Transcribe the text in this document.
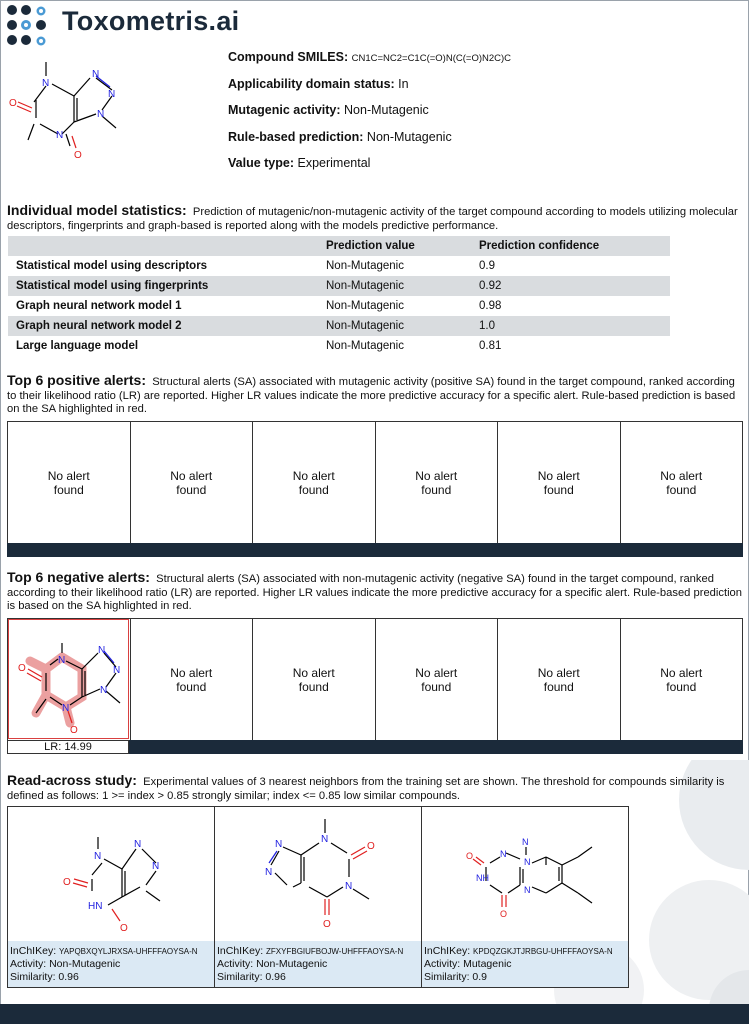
Toxometris.ai
N
N
N
N
N
O
O
Compound SMILES: CN1C=NC2=C1C(=O)N(C(=O)N2C)C
Applicability domain status: In
Mutagenic activity: Non-Mutagenic
Rule-based prediction: Non-Mutagenic
Value type: Experimental
Individual model statistics: Prediction of mutagenic/non-mutagenic activity of the target compound according to models utilizing molecular descriptors, fingerprints and graph-based is reported along with the models predictive performance.
	Prediction value	Prediction confidence
Statistical model using descriptors	Non-Mutagenic	0.9
Statistical model using fingerprints	Non-Mutagenic	0.92
Graph neural network model 1	Non-Mutagenic	0.98
Graph neural network model 2	Non-Mutagenic	1.0
Large language model	Non-Mutagenic	0.81
Top 6 positive alerts: Structural alerts (SA) associated with mutagenic activity (positive SA) found in the target compound, ranked according to their likelihood ratio (LR) are reported. Higher LR values indicate the more predictive accuracy for a specific alert. Rule-based prediction is based on the SA highlighted in red.
No alert
found
No alert
found
No alert
found
No alert
found
No alert
found
No alert
found
Top 6 negative alerts: Structural alerts (SA) associated with non-mutagenic activity (negative SA) found in the target compound, ranked according to their likelihood ratio (LR) are reported. Higher LR values indicate the more predictive accuracy for a specific alert. Rule-based prediction is based on the SA highlighted in red.
N
N
N
N
N
O
O
No alert
found
No alert
found
No alert
found
No alert
found
No alert
found
LR: 14.99
Read-across study: Experimental values of 3 nearest neighbors from the training set are shown. The threshold for compounds similarity is defined as follows: 1 >= index > 0.85 strongly similar; index <= 0.85 low similar compounds.
N
N
N
HN
O
O
InChIKey: YAPQBXQYLJRXSA-UHFFFAOYSA-N
Activity: Non-Mutagenic
Similarity: 0.96
N
N
N
N
O
O
InChIKey: ZFXYFBGIUFBOJW-UHFFFAOYSA-N
Activity: Non-Mutagenic
Similarity: 0.96
N
N
NH
N
N
O
O
InChIKey: KPDQZGKJTJRBGU-UHFFFAOYSA-N
Activity: Mutagenic
Similarity: 0.9
